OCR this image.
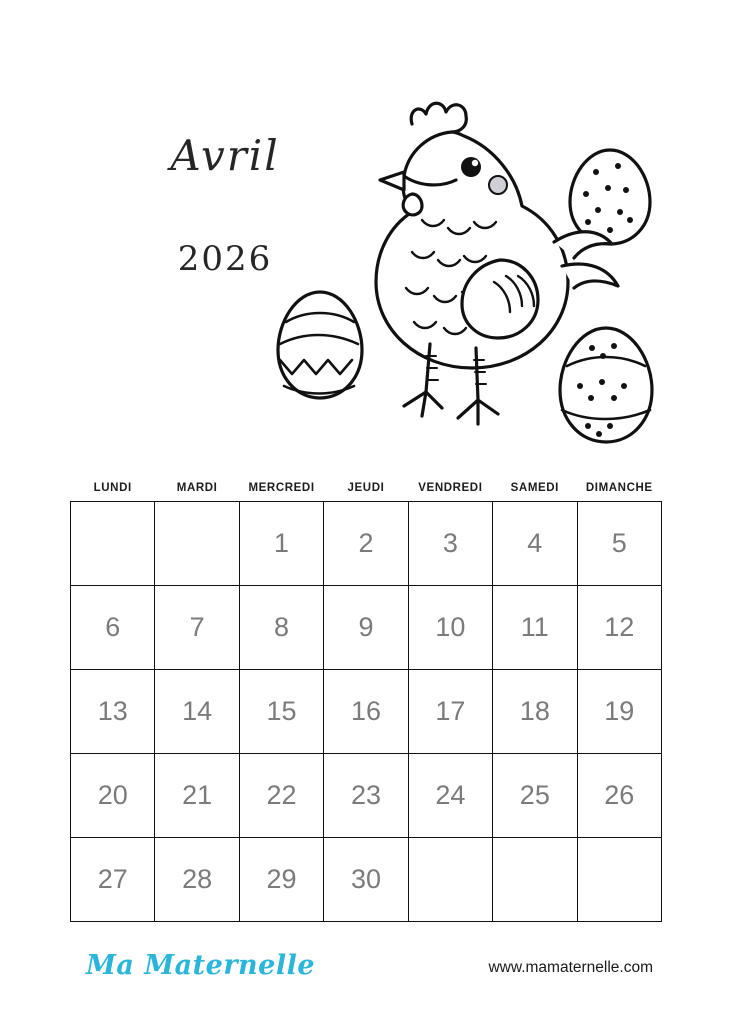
Avril
2026
LUNDI	MARDI	MERCREDI	JEUDI	VENDREDI	SAMEDI	DIMANCHE
		1	2	3	4	5
6	7	8	9	10	11	12
13	14	15	16	17	18	19
20	21	22	23	24	25	26
27	28	29	30			
Ma Maternelle	www.mamaternelle.com
